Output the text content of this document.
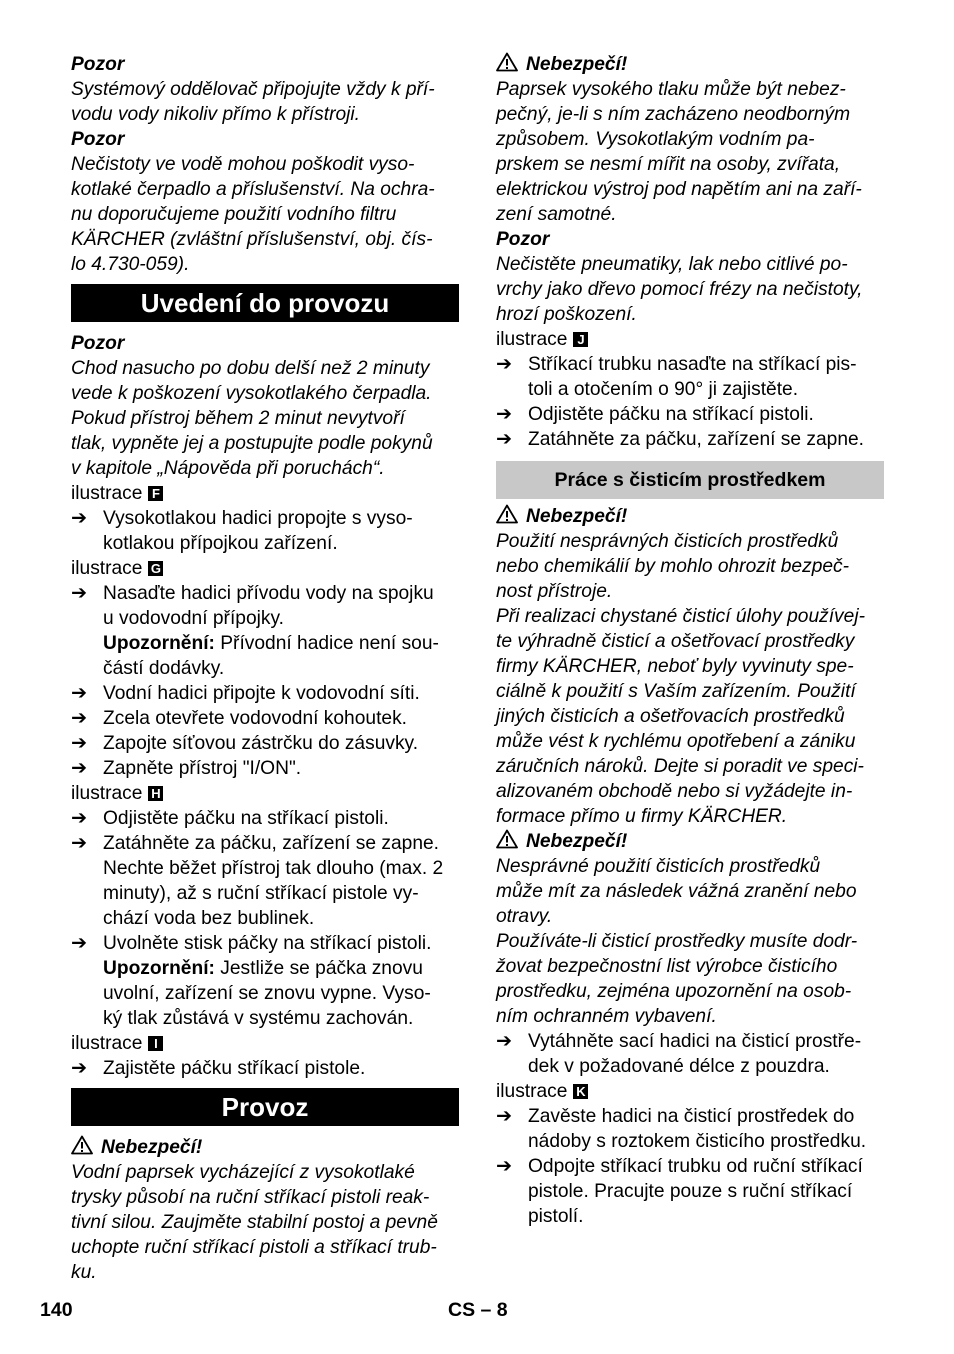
Pozor
Systémový oddělovač připojujte vždy k pří-
vodu vody nikoliv přímo k přístroji.
Pozor
Nečistoty ve vodě mohou poškodit vyso-
kotlaké čerpadlo a příslušenství. Na ochra-
nu doporučujeme použití vodního filtru
KÄRCHER (zvláštní příslušenství, obj. čís-
lo 4.730-059).
Uvedení do provozu
Pozor
Chod nasucho po dobu delší než 2 minuty
vede k poškození vysokotlakého čerpadla.
Pokud přístroj během 2 minut nevytvoří
tlak, vypněte jej a postupujte podle pokynů
v kapitole „Nápověda při poruchách“.
ilustrace F
➔ Vysokotlakou hadici propojte s vyso-
kotlakou přípojkou zařízení.
ilustrace G
➔ Nasaďte hadici přívodu vody na spojku
u vodovodní přípojky.
Upozornění: Přívodní hadice není sou-
částí dodávky.
➔ Vodní hadici připojte k vodovodní síti.
➔ Zcela otevřete vodovodní kohoutek.
➔ Zapojte síťovou zástrčku do zásuvky.
➔ Zapněte přístroj "I/ON".
ilustrace H
➔ Odjistěte páčku na stříkací pistoli.
➔ Zatáhněte za páčku, zařízení se zapne.
Nechte běžet přístroj tak dlouho (max. 2
minuty), až s ruční stříkací pistole vy-
chází voda bez bublinek.
➔ Uvolněte stisk páčky na stříkací pistoli.
Upozornění: Jestliže se páčka znovu
uvolní, zařízení se znovu vypne. Vyso-
ký tlak zůstává v systému zachován.
ilustrace I
➔ Zajistěte páčku stříkací pistole.
Provoz
Nebezpečí!
Vodní paprsek vycházející z vysokotlaké
trysky působí na ruční stříkací pistoli reak-
tivní silou. Zaujměte stabilní postoj a pevně
uchopte ruční stříkací pistoli a stříkací trub-
ku.
Nebezpečí!
Paprsek vysokého tlaku může být nebez-
pečný, je-li s ním zacházeno neodborným
způsobem. Vysokotlakým vodním pa-
prskem se nesmí mířit na osoby, zvířata,
elektrickou výstroj pod napětím ani na zaří-
zení samotné.
Pozor
Nečistěte pneumatiky, lak nebo citlivé po-
vrchy jako dřevo pomocí frézy na nečistoty,
hrozí poškození.
ilustrace J
➔ Stříkací trubku nasaďte na stříkací pis-
toli a otočením o 90° ji zajistěte.
➔ Odjistěte páčku na stříkací pistoli.
➔ Zatáhněte za páčku, zařízení se zapne.
Práce s čisticím prostředkem
Nebezpečí!
Použití nesprávných čisticích prostředků
nebo chemikálií by mohlo ohrozit bezpeč-
nost přístroje.
Při realizaci chystané čisticí úlohy používej-
te výhradně čisticí a ošetřovací prostředky
firmy KÄRCHER, neboť byly vyvinuty spe-
ciálně k použití s Vaším zařízením. Použití
jiných čisticích a ošetřovacích prostředků
může vést k rychlému opotřebení a zániku
záručních nároků. Dejte si poradit ve speci-
alizovaném obchodě nebo si vyžádejte in-
formace přímo u firmy KÄRCHER.
Nebezpečí!
Nesprávné použití čisticích prostředků
může mít za následek vážná zranění nebo
otravy.
Používáte-li čisticí prostředky musíte dodr-
žovat bezpečnostní list výrobce čisticího
prostředku, zejména upozornění na osob-
ním ochranném vybavení.
➔ Vytáhněte sací hadici na čisticí prostře-
dek v požadované délce z pouzdra.
ilustrace K
➔ Zavěste hadici na čisticí prostředek do
nádoby s roztokem čisticího prostředku.
➔ Odpojte stříkací trubku od ruční stříkací
pistole. Pracujte pouze s ruční stříkací
pistolí.
140	CS – 8
